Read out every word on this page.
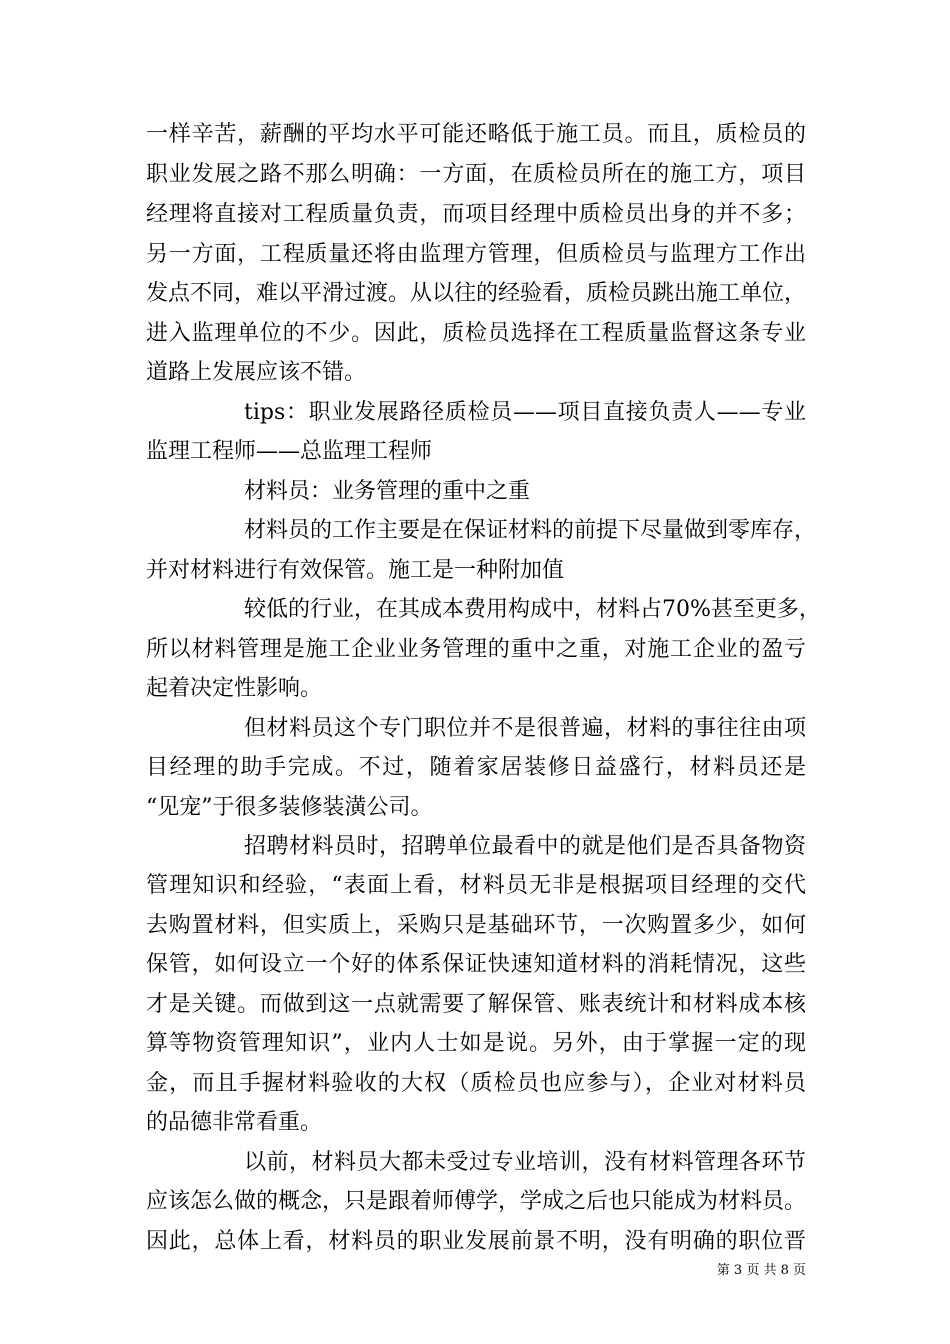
一样辛苦，薪酬的平均水平可能还略低于施工员。而且，质检员的
职业发展之路不那么明确：一方面，在质检员所在的施工方，项目
经理将直接对工程质量负责，而项目经理中质检员出身的并不多；
另一方面，工程质量还将由监理方管理，但质检员与监理方工作出
发点不同，难以平滑过渡。从以往的经验看，质检员跳出施工单位，
进入监理单位的不少。因此，质检员选择在工程质量监督这条专业
道路上发展应该不错。
tips：职业发展路径质检员——项目直接负责人——专业
监理工程师——总监理工程师
材料员：业务管理的重中之重
材料员的工作主要是在保证材料的前提下尽量做到零库存，
并对材料进行有效保管。施工是一种附加值
较低的行业，在其成本费用构成中，材料占70%甚至更多，
所以材料管理是施工企业业务管理的重中之重，对施工企业的盈亏
起着决定性影响。
但材料员这个专门职位并不是很普遍，材料的事往往由项
目经理的助手完成。不过，随着家居装修日益盛行，材料员还是
“见宠”于很多装修装潢公司。
招聘材料员时，招聘单位最看中的就是他们是否具备物资
管理知识和经验，“表面上看，材料员无非是根据项目经理的交代
去购置材料，但实质上，采购只是基础环节，一次购置多少，如何
保管，如何设立一个好的体系保证快速知道材料的消耗情况，这些
才是关键。而做到这一点就需要了解保管、账表统计和材料成本核
算等物资管理知识”，业内人士如是说。另外，由于掌握一定的现
金，而且手握材料验收的大权（质检员也应参与），企业对材料员
的品德非常看重。
以前，材料员大都未受过专业培训，没有材料管理各环节
应该怎么做的概念，只是跟着师傅学，学成之后也只能成为材料员。
因此，总体上看，材料员的职业发展前景不明，没有明确的职位晋
第 3 页 共 8 页
